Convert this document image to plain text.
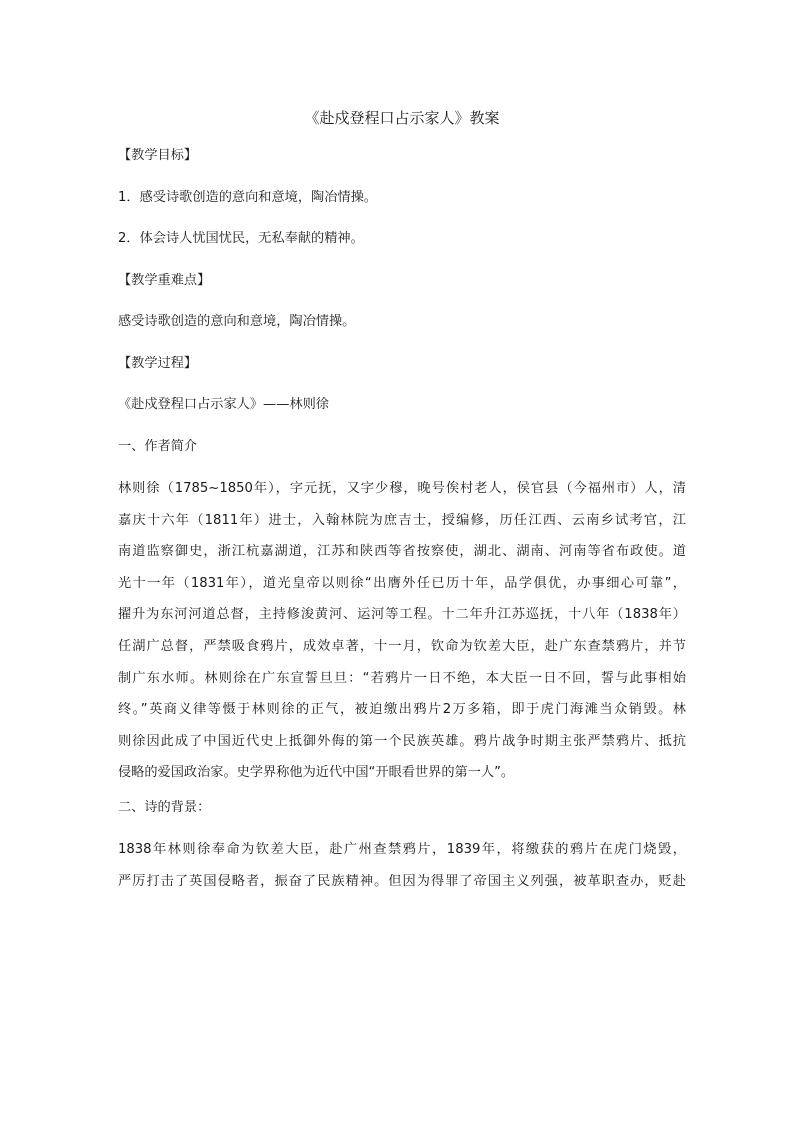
《赴戍登程口占示家人》教案
【教学目标】
1．感受诗歌创造的意向和意境，陶冶情操。
2．体会诗人忧国忧民，无私奉献的精神。
【教学重难点】
感受诗歌创造的意向和意境，陶冶情操。
【教学过程】
《赴戍登程口占示家人》——林则徐
一、作者简介
林则徐（1785~1850年），字元抚，又字少穆，晚号俟村老人，侯官县（今福州市）人，清
嘉庆十六年（1811年）进士，入翰林院为庶吉士，授编修，历任江西、云南乡试考官，江
南道监察御史，浙江杭嘉湖道，江苏和陕西等省按察使，湖北、湖南、河南等省布政使。道
光十一年（1831年），道光皇帝以则徐“出膺外任已历十年，品学俱优，办事细心可靠”，
擢升为东河河道总督，主持修浚黄河、运河等工程。十二年升江苏巡抚，十八年（1838年）
任湖广总督，严禁吸食鸦片，成效卓著，十一月，钦命为钦差大臣，赴广东查禁鸦片，并节
制广东水师。林则徐在广东宣誓旦旦：“若鸦片一日不绝，本大臣一日不回，誓与此事相始
终。”英商义律等慑于林则徐的正气，被迫缴出鸦片2万多箱，即于虎门海滩当众销毁。林
则徐因此成了中国近代史上抵御外侮的第一个民族英雄。鸦片战争时期主张严禁鸦片、抵抗
侵略的爱国政治家。史学界称他为近代中国“开眼看世界的第一人”。
二、诗的背景：
1838年林则徐奉命为钦差大臣，赴广州查禁鸦片，1839年，将缴获的鸦片在虎门烧毁，
严厉打击了英国侵略者，振奋了民族精神。但因为得罪了帝国主义列强，被革职查办，贬赴
